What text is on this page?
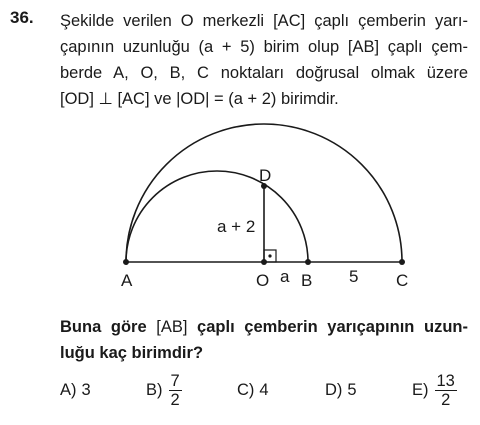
36. Şekilde verilen O merkezli [AC] çaplı çemberin yarı-
çapının uzunluğu (a + 5) birim olup [AB] çaplı çem-
berde A, O, B, C noktaları doğrusal olmak üzere
[OD] ⊥ [AC] ve |OD| = (a + 2) birimdir.
D
a + 2
A	O a B 5 C
Buna göre [AB] çaplı çemberin yarıçapının uzun-
luğu kaç birimdir?
A) 3	$B) \frac{7}{2}$	C) 4	D) 5	$E) \frac{13}{2}$
